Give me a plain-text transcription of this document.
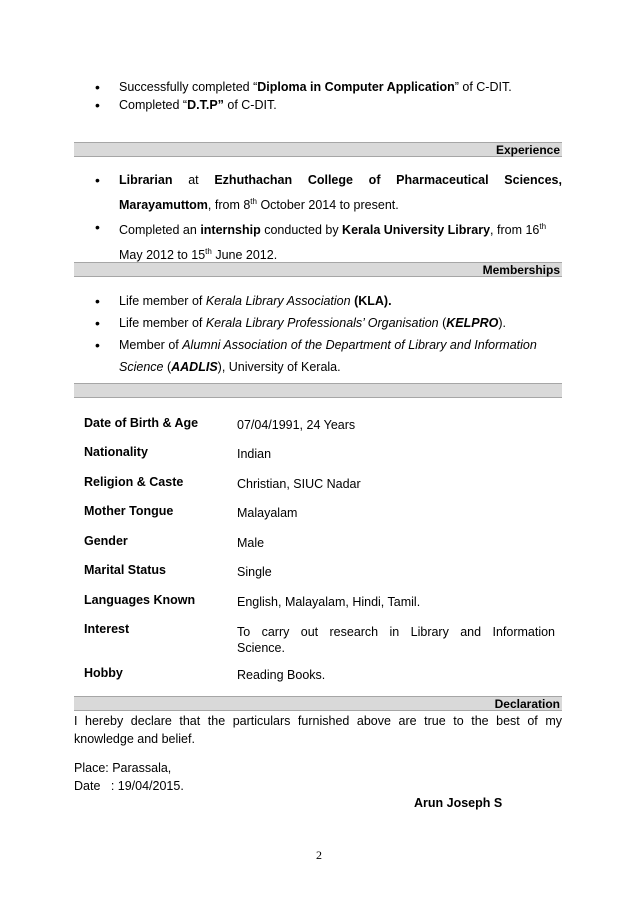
• Successfully completed “Diploma in Computer Application” of C-DIT.
• Completed “D.T.P” of C-DIT.
Experience
• Librarian at Ezhuthachan College of Pharmaceutical Sciences,
Marayamuttom, from 8th October 2014 to present.
• Completed an internship conducted by Kerala University Library, from 16th
May 2012 to 15th June 2012.
Memberships
• Life member of Kerala Library Association (KLA).
• Life member of Kerala Library Professionals’ Organisation (KELPRO).
• Member of Alumni Association of the Department of Library and Information
Science (AADLIS), University of Kerala.
Date of Birth & Age	07/04/1991, 24 Years
Nationality	Indian
Religion & Caste	Christian, SIUC Nadar
Mother Tongue	Malayalam
Gender	Male
Marital Status	Single
Languages Known	English, Malayalam, Hindi, Tamil.
Interest	To carry out research in Library and Information
Science.
Hobby	Reading Books.
Declaration
I hereby declare that the particulars furnished above are true to the best of my
knowledge and belief.
Place: Parassala,
Date   : 19/04/2015.
Arun Joseph S
2
